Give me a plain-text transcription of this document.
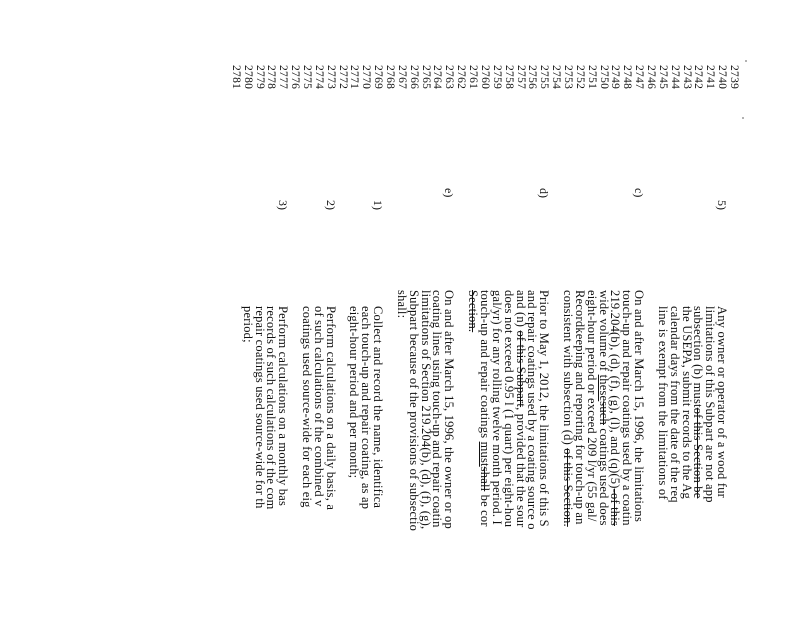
2739
2740
5)
Any owner or operator of a wood fur
2741
limitations of this Subpart are not app
2742
subsection (b) mustof this Section be
2743
the USEPA, submit records to the Ag
2744
calendar days from the date of the req
2745
line is exempt from the limitations of
2746
2747
c)
On and after March 15, 1996, the limitations
2748
touch-up and repair coatings used by a coatin
2749
219.204(b), (d), (f), (g), (l), and (q)(5)-of this
2750
wide volume of thesesuch coatings used does
2751
eight-hour period or exceed 209 l/yr (55 gal/
2752
Recordkeeping and reporting for touch-up an
2753
consistent with subsection (d) of this Section.
2754
2755
d)
Prior to May 1, 2012, the limitations of this S
2756
and repair coatings used by a coating source o
2757
and (n) of this Subpart, provided that the sour
2758
does not exceed 0.95 l (1 quart) per eight-hou
2759
gal/yr) for any rolling twelve month period. I
2760
touch-up and repair coatings mustshall be cor
2761
Section.
2762
2763
e)
On and after March 15, 1996, the owner or op
2764
coating lines using touch-up and repair coatin
2765
limitations of Section 219.204(b), (d), (f), (g),
2766
Subpart because of the provisions of subsectio
2767
shall:
2768
2769
1)
Collect and record the name, identifica
2770
each touch-up and repair coating, as ap
2771
eight-hour period and per month;
2772
2773
2)
Perform calculations on a daily basis, a
2774
of such calculations of the combined v
2775
coatings used source-wide for each eig
2776
2777
3)
Perform calculations on a monthly bas
2778
records of such calculations of the com
2779
repair coatings used source-wide for th
2780
period;
2781
